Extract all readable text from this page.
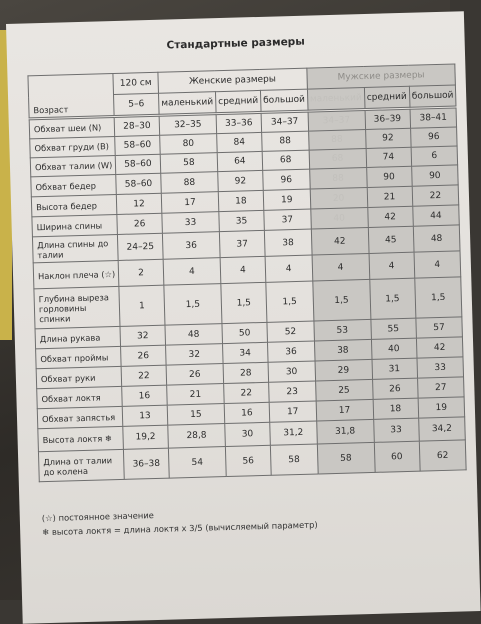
Стандартные размеры
Возраст	120 см	Женские размеры			Мужские размеры		
	5–6	маленький	средний	большой	маленький	средний	большой

Обхват шеи (N)	28–30	32–35	33–36	34–37	34–37	36–39	38–41
Обхват груди (B)	58–60	80	84	88	88	92	96
Обхват талии (W)	58–60	58	64	68	68	74	6
Обхват бедер	58–60	88	92	96	88	90	90
Высота бедер	12	17	18	19	20	21	22
Ширина спины	26	33	35	37	40	42	44
Длина спины до талии	24–25	36	37	38	42	45	48
Наклон плеча (☆)	2	4	4	4	4	4	4
Глубина выреза горловины спинки	1	1,5	1,5	1,5	1,5	1,5	1,5
Длина рукава	32	48	50	52	53	55	57
Обхват проймы	26	32	34	36	38	40	42
Обхват руки	22	26	28	30	29	31	33
Обхват локтя	16	21	22	23	25	26	27
Обхват запястья	13	15	16	17	17	18	19
Высота локтя ❄	19,2	28,8	30	31,2	31,8	33	34,2
Длина от талии до колена	36–38	54	56	58	58	60	62
(☆) постоянное значение
❄ высота локтя = длина локтя x 3/5 (вычисляемый параметр)
